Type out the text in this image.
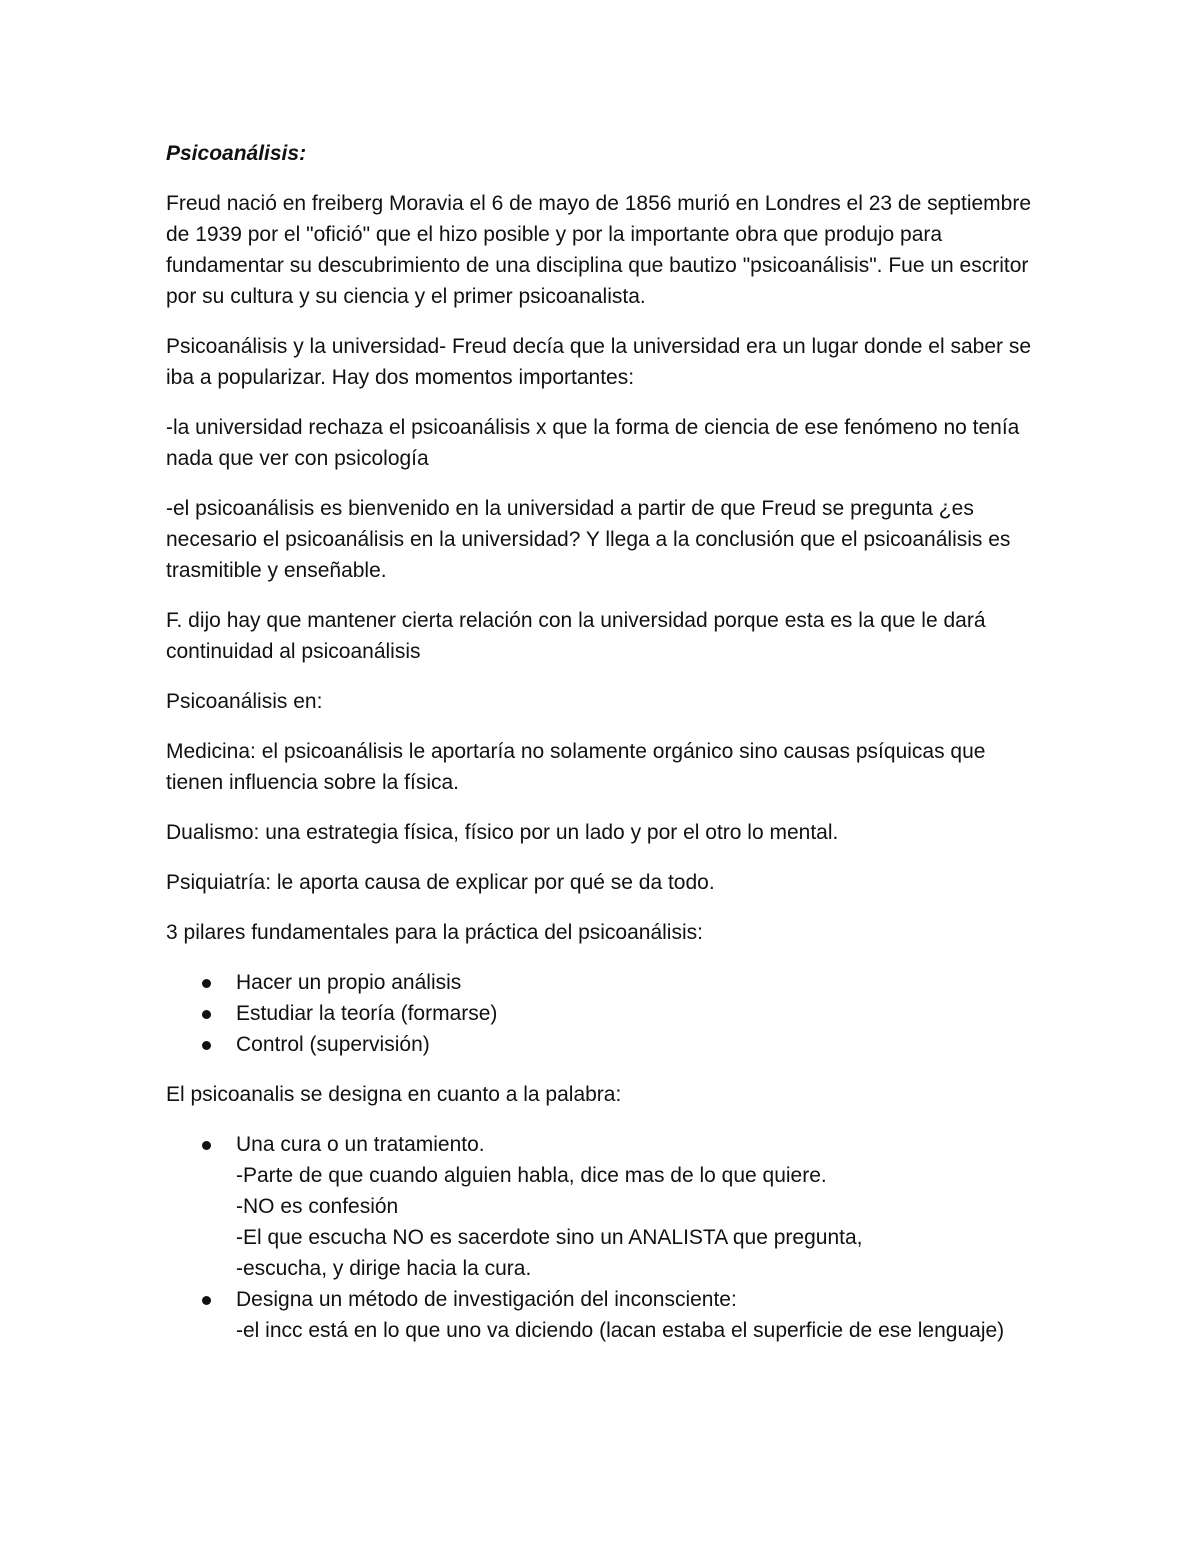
Psicoanálisis:

Freud nació en freiberg Moravia el 6 de mayo de 1856 murió en Londres el 23 de septiembre de 1939 por el "ofició" que el hizo posible y por la importante obra que produjo para fundamentar su descubrimiento de una disciplina que bautizo "psicoanálisis". Fue un escritor por su cultura y su ciencia y el primer psicoanalista.

Psicoanálisis y la universidad- Freud decía que la universidad era un lugar donde el saber se iba a popularizar. Hay dos momentos importantes:

-la universidad rechaza el psicoanálisis x que la forma de ciencia de ese fenómeno no tenía nada que ver con psicología

-el psicoanálisis es bienvenido en la universidad a partir de que Freud se pregunta ¿es necesario el psicoanálisis en la universidad? Y llega a la conclusión que el psicoanálisis es trasmitible y enseñable.

F. dijo hay que mantener cierta relación con la universidad porque esta es la que le dará continuidad al psicoanálisis

Psicoanálisis en:

Medicina: el psicoanálisis le aportaría no solamente orgánico sino causas psíquicas que tienen influencia sobre la física.

Dualismo: una estrategia física, físico por un lado y por el otro lo mental.

Psiquiatría: le aporta causa de explicar por qué se da todo.

3 pilares fundamentales para la práctica del psicoanálisis:

Hacer un propio análisis
Estudiar la teoría (formarse)
Control (supervisión)

El psicoanalis se designa en cuanto a la palabra:

Una cura o un tratamiento.
-Parte de que cuando alguien habla, dice mas de lo que quiere.
-NO es confesión
-El que escucha NO es sacerdote sino un ANALISTA que pregunta,
-escucha, y dirige hacia la cura.
Designa un método de investigación del inconsciente:
-el incc está en lo que uno va diciendo (lacan estaba el superficie de ese lenguaje)
